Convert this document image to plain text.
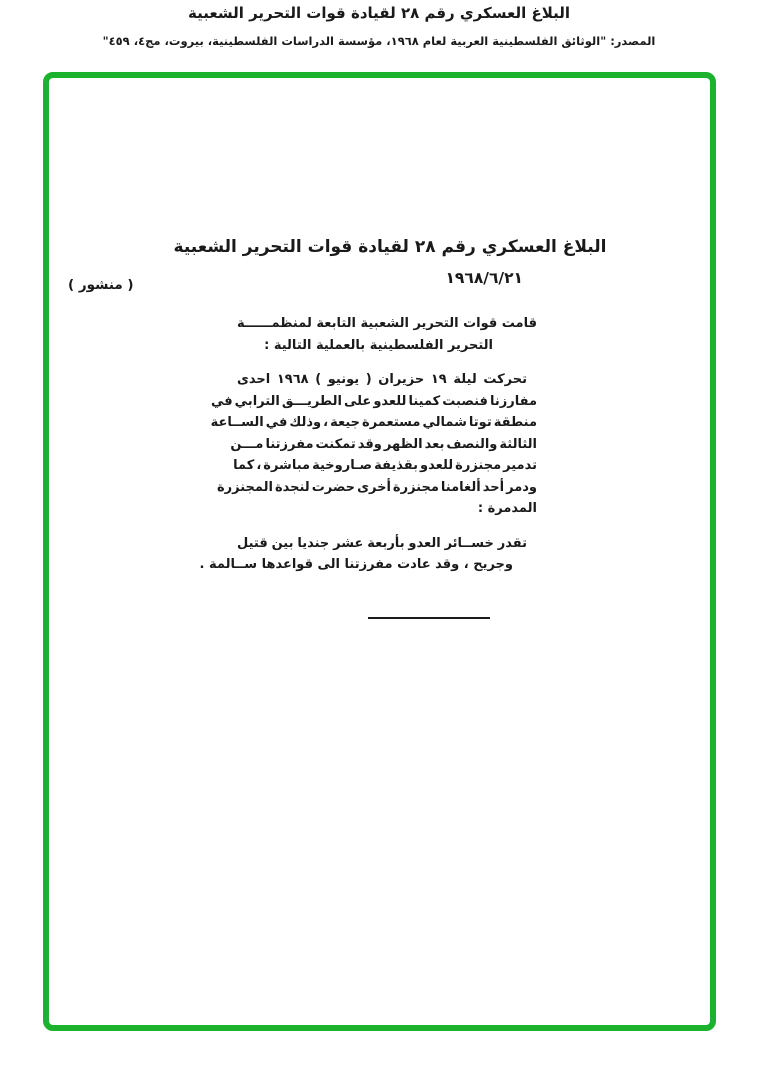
البلاغ العسكري رقم ٢٨ لقيادة قوات التحرير الشعبية
المصدر: "الوثائق الفلسطينية العربية لعام ١٩٦٨، مؤسسة الدراسات الفلسطينية، بيروت، مج٤، ٤٥٩"
البلاغ العسكري رقم ٢٨ لقيادة قوات التحرير الشعبية
١٩٦٨/٦/٢١
( منشور )
قامت قوات التحرير الشعبية التابعة لمنظمــــــة
التحرير الفلسطينية بالعملية التالية :
تحركت ليلة ١٩ حزيران ( يونيو ) ١٩٦٨ احدى
مفارزنا فنصبت كمينا للعدو على الطريـــق الترابي في
منطقة توتا شمالي مستعمرة جيعة ، وذلك في الســاعة
الثالثة والنصف بعد الظهر وقد تمكنت مفرزتنا مـــن
تدمير مجنزرة للعدو بقذيفة صـاروخية مباشرة ، كما
ودمر أحد ألغامنا مجنزرة أخرى حضرت لنجدة المجنزرة
المدمرة :
تقدر خســائر العدو بأربعة عشر جنديا بين قتيل
وجريح ، وقد عادت مفرزتنا الى قواعدها ســالمة .
